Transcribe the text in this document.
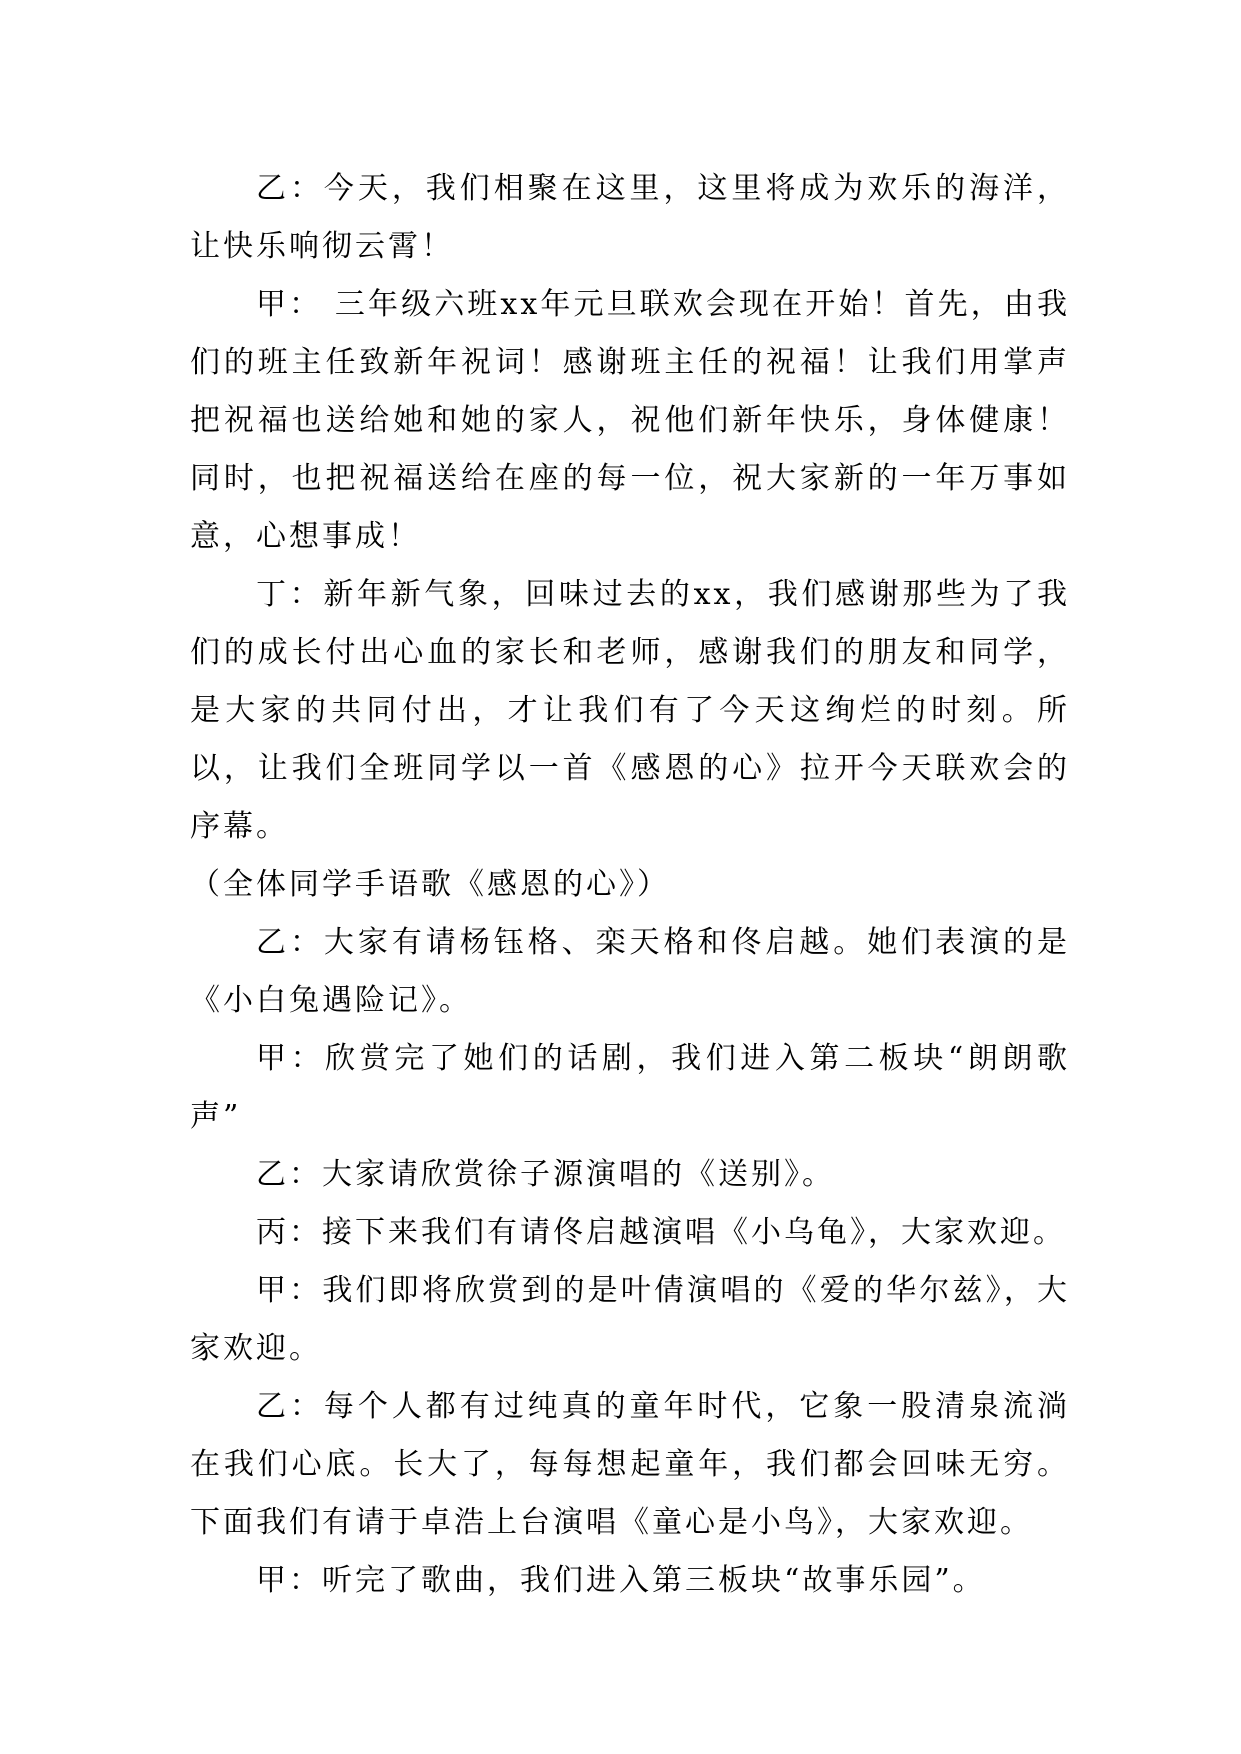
乙：今天，我们相聚在这里，这里将成为欢乐的海洋，让快乐响彻云霄！

甲： 三年级六班xx年元旦联欢会现在开始！首先，由我们的班主任致新年祝词！感谢班主任的祝福！让我们用掌声把祝福也送给她和她的家人，祝他们新年快乐，身体健康！同时，也把祝福送给在座的每一位，祝大家新的一年万事如意，心想事成！

丁：新年新气象，回味过去的xx，我们感谢那些为了我们的成长付出心血的家长和老师，感谢我们的朋友和同学，是大家的共同付出，才让我们有了今天这绚烂的时刻。所以，让我们全班同学以一首《感恩的心》拉开今天联欢会的序幕。

（全体同学手语歌《感恩的心》）

乙：大家有请杨钰格、栾天格和佟启越。她们表演的是《小白兔遇险记》。

甲：欣赏完了她们的话剧，我们进入第二板块“朗朗歌声”

乙：大家请欣赏徐子源演唱的《送别》。

丙：接下来我们有请佟启越演唱《小乌龟》，大家欢迎。

甲：我们即将欣赏到的是叶倩演唱的《爱的华尔兹》，大家欢迎。

乙：每个人都有过纯真的童年时代，它象一股清泉流淌在我们心底。长大了，每每想起童年，我们都会回味无穷。下面我们有请于卓浩上台演唱《童心是小鸟》，大家欢迎。

甲：听完了歌曲，我们进入第三板块“故事乐园”。
